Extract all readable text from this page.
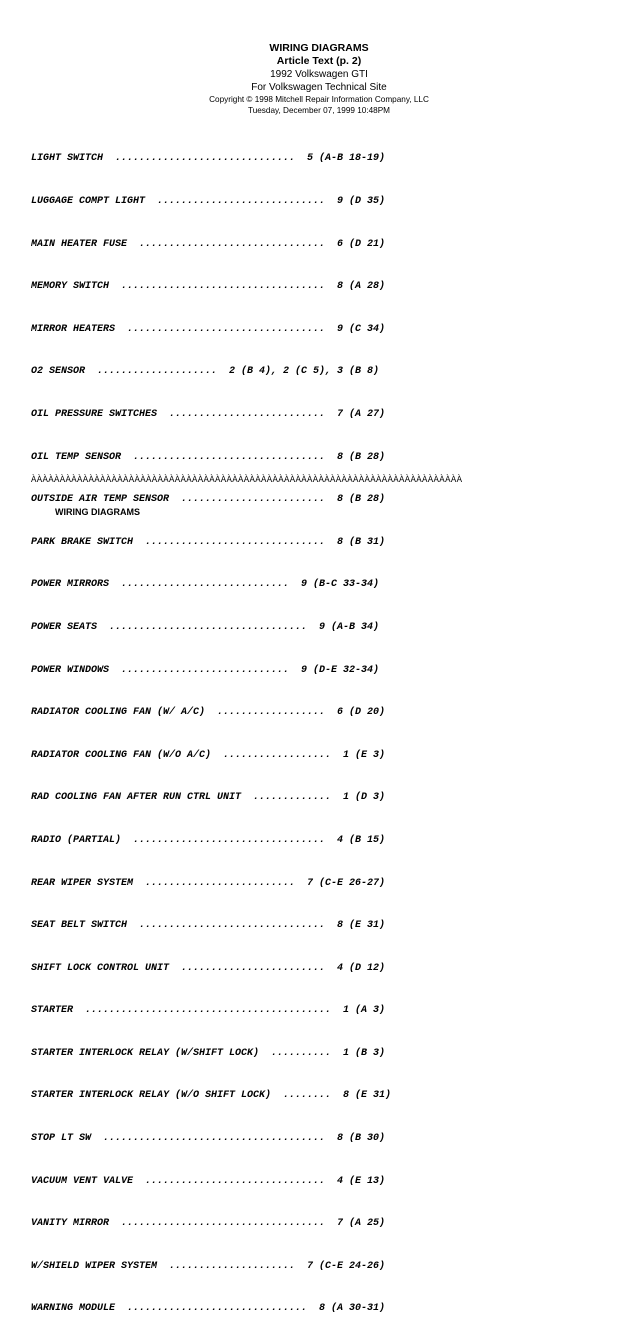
WIRING DIAGRAMS
Article Text (p. 2)
1992 Volkswagen GTI
For Volkswagen Technical Site
Copyright © 1998 Mitchell Repair Information Company, LLC
Tuesday, December 07, 1999 10:48PM

LIGHT SWITCH  ..............................  5 (A-B 18-19)

LUGGAGE COMPT LIGHT  ............................  9 (D 35)

MAIN HEATER FUSE  ...............................  6 (D 21)

MEMORY SWITCH  ..................................  8 (A 28)

MIRROR HEATERS  .................................  9 (C 34)

O2 SENSOR  ....................  2 (B 4), 2 (C 5), 3 (B 8)

OIL PRESSURE SWITCHES  ..........................  7 (A 27)

OIL TEMP SENSOR  ................................  8 (B 28)

OUTSIDE AIR TEMP SENSOR  ........................  8 (B 28)

PARK BRAKE SWITCH  ..............................  8 (B 31)

POWER MIRRORS  ............................  9 (B-C 33-34)

POWER SEATS  .................................  9 (A-B 34)

POWER WINDOWS  ............................  9 (D-E 32-34)

RADIATOR COOLING FAN (W/ A/C)  ..................  6 (D 20)

RADIATOR COOLING FAN (W/O A/C)  ..................  1 (E 3)

RAD COOLING FAN AFTER RUN CTRL UNIT  .............  1 (D 3)

RADIO (PARTIAL)  ................................  4 (B 15)

REAR WIPER SYSTEM  .........................  7 (C-E 26-27)

SEAT BELT SWITCH  ...............................  8 (E 31)

SHIFT LOCK CONTROL UNIT  ........................  4 (D 12)

STARTER  .........................................  1 (A 3)

STARTER INTERLOCK RELAY (W/SHIFT LOCK)  ..........  1 (B 3)

STARTER INTERLOCK RELAY (W/O SHIFT LOCK)  ........  8 (E 31)

STOP LT SW  .....................................  8 (B 30)

VACUUM VENT VALVE  ..............................  4 (E 13)

VANITY MIRROR  ..................................  7 (A 25)

W/SHIELD WIPER SYSTEM  .....................  7 (C-E 24-26)

WARNING MODULE  ..............................  8 (A 30-31)

ÀÀÀÀÀÀÀÀÀÀÀÀÀÀÀÀÀÀÀÀÀÀÀÀÀÀÀÀÀÀÀÀÀÀÀÀÀÀÀÀÀÀÀÀÀÀÀÀÀÀÀÀÀÀÀÀÀÀÀÀÀÀÀÀÀÀÀÀÀÀÀÀÀÀÀ
WIRING DIAGRAMS
